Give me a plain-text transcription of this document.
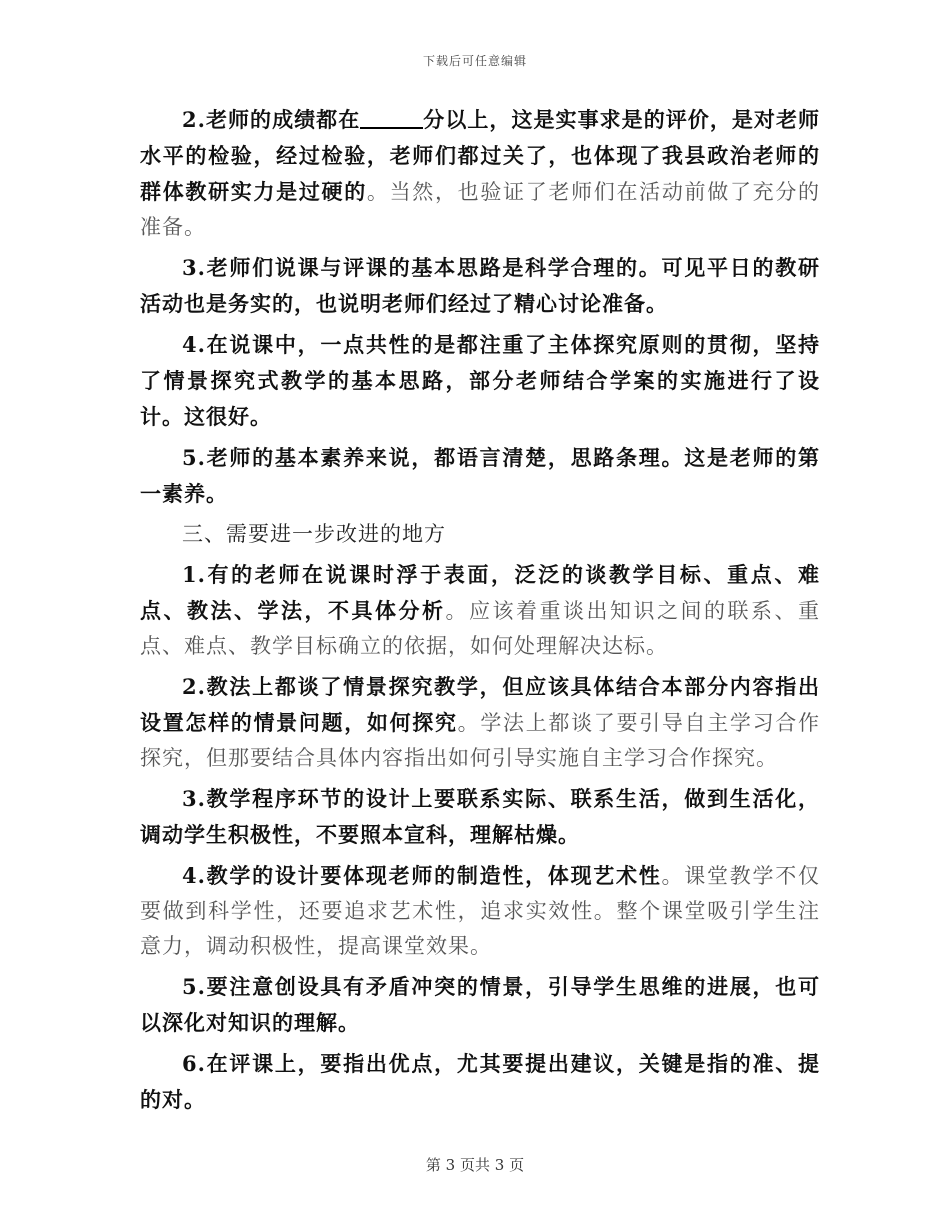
下载后可任意编辑

2.老师的成绩都在	分以上，这是实事求是的评价，是对老师水平的检验，经过检验，老师们都过关了，也体现了我县政治老师的群体教研实力是过硬的。当然，也验证了老师们在活动前做了充分的准备。

3.老师们说课与评课的基本思路是科学合理的。可见平日的教研活动也是务实的，也说明老师们经过了精心讨论准备。

4.在说课中，一点共性的是都注重了主体探究原则的贯彻，坚持了情景探究式教学的基本思路，部分老师结合学案的实施进行了设计。这很好。

5.老师的基本素养来说，都语言清楚，思路条理。这是老师的第一素养。

三、需要进一步改进的地方

1.有的老师在说课时浮于表面，泛泛的谈教学目标、重点、难点、教法、学法，不具体分析。应该着重谈出知识之间的联系、重点、难点、教学目标确立的依据，如何处理解决达标。

2.教法上都谈了情景探究教学，但应该具体结合本部分内容指出设置怎样的情景问题，如何探究。学法上都谈了要引导自主学习合作探究，但那要结合具体内容指出如何引导实施自主学习合作探究。

3.教学程序环节的设计上要联系实际、联系生活，做到生活化，调动学生积极性，不要照本宣科，理解枯燥。

4.教学的设计要体现老师的制造性，体现艺术性。课堂教学不仅要做到科学性，还要追求艺术性，追求实效性。整个课堂吸引学生注意力，调动积极性，提高课堂效果。

5.要注意创设具有矛盾冲突的情景，引导学生思维的进展，也可以深化对知识的理解。

6.在评课上，要指出优点，尤其要提出建议，关键是指的准、提的对。

第 3 页共 3 页
